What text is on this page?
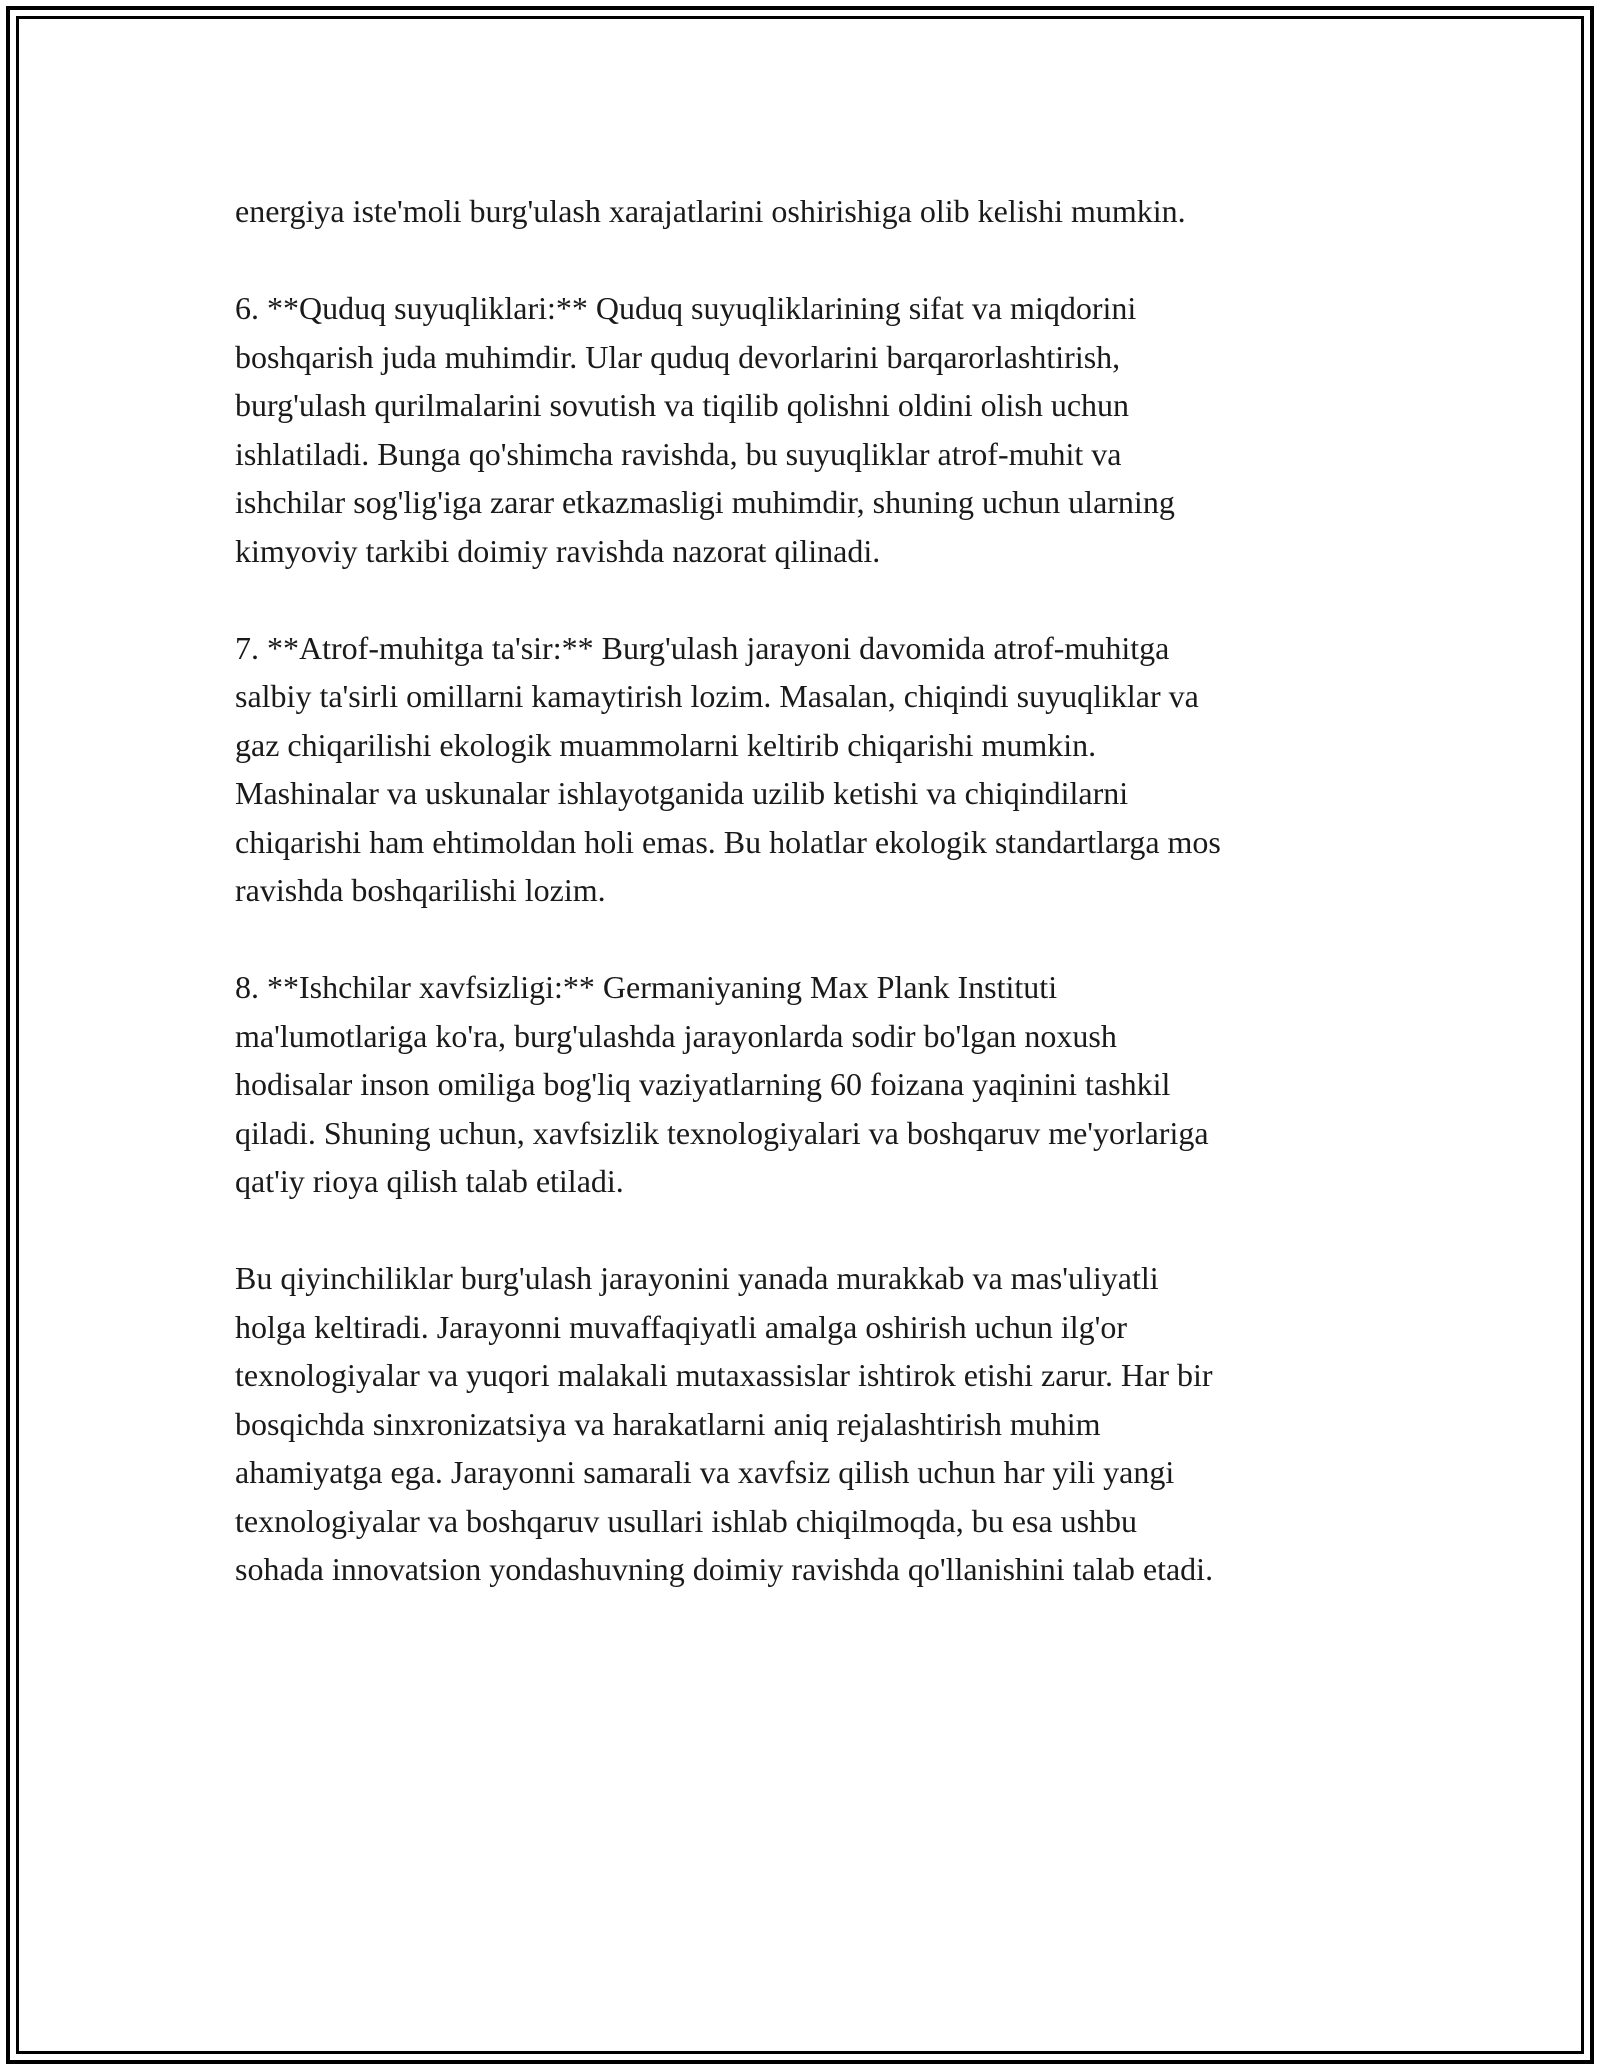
energiya iste'moli burg'ulash xarajatlarini oshirishiga olib kelishi mumkin.

6. **Quduq suyuqliklari:** Quduq suyuqliklarining sifat va miqdorini
boshqarish juda muhimdir. Ular quduq devorlarini barqarorlashtirish,
burg'ulash qurilmalarini sovutish va tiqilib qolishni oldini olish uchun
ishlatiladi. Bunga qo'shimcha ravishda, bu suyuqliklar atrof-muhit va
ishchilar sog'lig'iga zarar etkazmasligi muhimdir, shuning uchun ularning
kimyoviy tarkibi doimiy ravishda nazorat qilinadi.

7. **Atrof-muhitga ta'sir:** Burg'ulash jarayoni davomida atrof-muhitga
salbiy ta'sirli omillarni kamaytirish lozim. Masalan, chiqindi suyuqliklar va
gaz chiqarilishi ekologik muammolarni keltirib chiqarishi mumkin.
Mashinalar va uskunalar ishlayotganida uzilib ketishi va chiqindilarni
chiqarishi ham ehtimoldan holi emas. Bu holatlar ekologik standartlarga mos
ravishda boshqarilishi lozim.

8. **Ishchilar xavfsizligi:** Germaniyaning Max Plank Instituti
ma'lumotlariga ko'ra, burg'ulashda jarayonlarda sodir bo'lgan noxush
hodisalar inson omiliga bog'liq vaziyatlarning 60 foizana yaqinini tashkil
qiladi. Shuning uchun, xavfsizlik texnologiyalari va boshqaruv me'yorlariga
qat'iy rioya qilish talab etiladi.

Bu qiyinchiliklar burg'ulash jarayonini yanada murakkab va mas'uliyatli
holga keltiradi. Jarayonni muvaffaqiyatli amalga oshirish uchun ilg'or
texnologiyalar va yuqori malakali mutaxassislar ishtirok etishi zarur. Har bir
bosqichda sinxronizatsiya va harakatlarni aniq rejalashtirish muhim
ahamiyatga ega. Jarayonni samarali va xavfsiz qilish uchun har yili yangi
texnologiyalar va boshqaruv usullari ishlab chiqilmoqda, bu esa ushbu
sohada innovatsion yondashuvning doimiy ravishda qo'llanishini talab etadi.
